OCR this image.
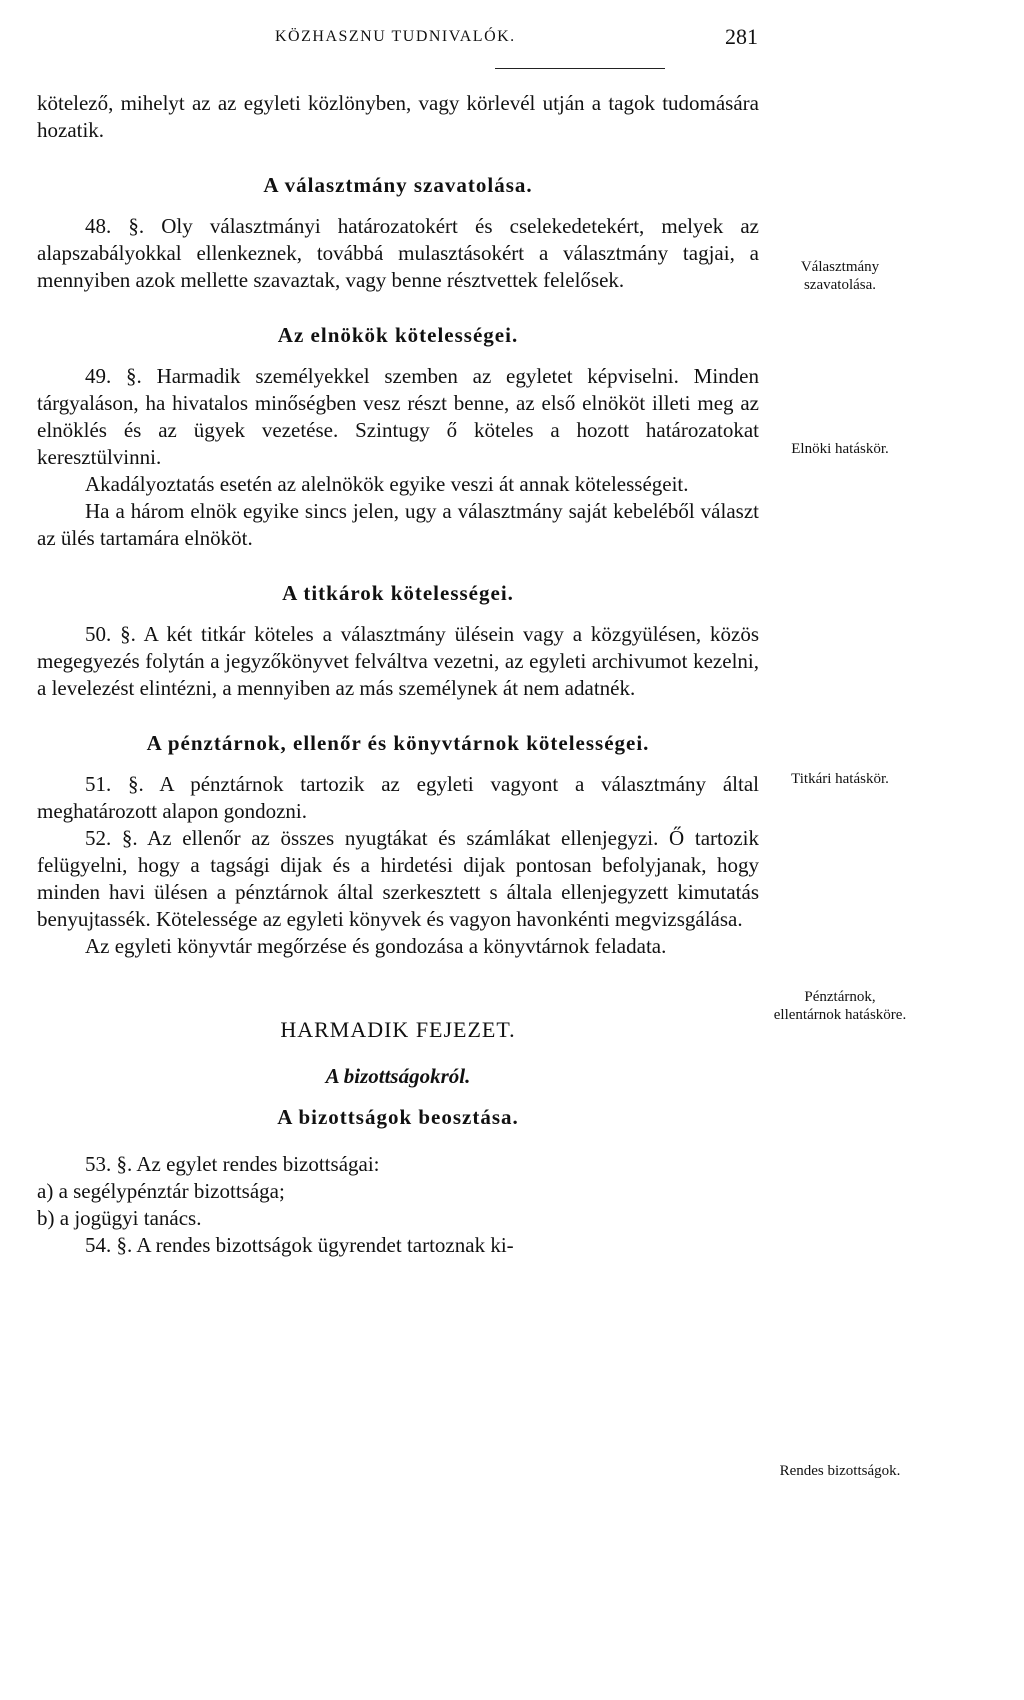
KÖZHASZNU TUDNIVALÓK.	281

kötelező, mihelyt az az egyleti közlönyben, vagy körlevél utján a tagok tudomására hozatik.

A választmány szavatolása.

48. §. Oly választmányi határozatokért és cselekedetekért, melyek az alapszabályokkal ellenkeznek, továbbá mulasztásokért a választmány tagjai, a mennyiben azok mellette szavaztak, vagy benne résztvettek felelősek.

Az elnökök kötelességei.

49. §. Harmadik személyekkel szemben az egyletet képviselni. Minden tárgyaláson, ha hivatalos minőségben vesz részt benne, az első elnököt illeti meg az elnöklés és az ügyek vezetése. Szintugy ő köteles a hozott határozatokat keresztülvinni.

Akadályoztatás esetén az alelnökök egyike veszi át annak kötelességeit.

Ha a három elnök egyike sincs jelen, ugy a választmány saját kebeléből választ az ülés tartamára elnököt.

A titkárok kötelességei.

50. §. A két titkár köteles a választmány ülésein vagy a közgyülésen, közös megegyezés folytán a jegyzőkönyvet felváltva vezetni, az egyleti archivumot kezelni, a levelezést elintézni, a mennyiben az más személynek át nem adatnék.

A pénztárnok, ellenőr és könyvtárnok kötelességei.

51. §. A pénztárnok tartozik az egyleti vagyont a választmány által meghatározott alapon gondozni.

52. §. Az ellenőr az összes nyugtákat és számlákat ellenjegyzi. Ő tartozik felügyelni, hogy a tagsági dijak és a hirdetési dijak pontosan befolyjanak, hogy minden havi ülésen a pénztárnok által szerkesztett s általa ellenjegyzett kimutatás benyujtassék. Kötelessége az egyleti könyvek és vagyon havonkénti megvizsgálása.

Az egyleti könyvtár megőrzése és gondozása a könyvtárnok feladata.

HARMADIK FEJEZET.

A bizottságokról.

A bizottságok beosztása.

53. §. Az egylet rendes bizottságai:

a) a segélypénztár bizottsága;

b) a jogügyi tanács.

54. §. A rendes bizottságok ügyrendet tartoznak ki-

Választmány szavatolása.
Elnöki hatáskör.
Titkári hatáskör.
Pénztárnok, ellentárnok hatásköre.
Rendes bizottságok.
